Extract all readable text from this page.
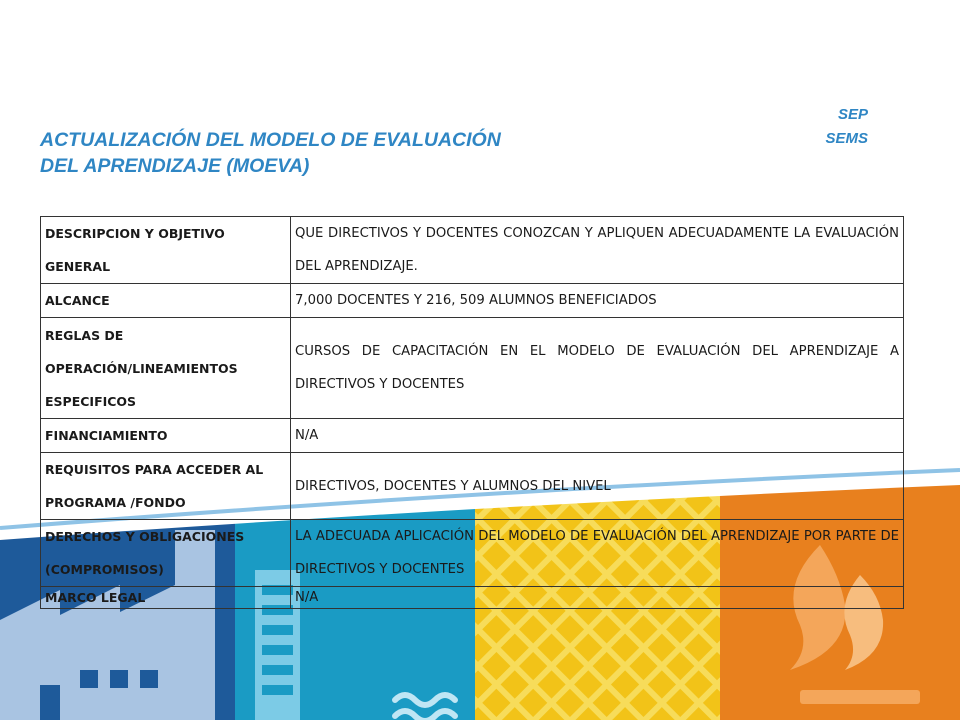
ACTUALIZACIÓN DEL MODELO DE EVALUACIÓN
DEL APRENDIZAJE (MOEVA)
SEP
SEMS
DESCRIPCION Y OBJETIVO GENERAL	QUE DIRECTIVOS Y DOCENTES CONOZCAN Y APLIQUEN ADECUADAMENTE LA EVALUACIÓN DEL APRENDIZAJE.
ALCANCE	7,000 DOCENTES Y 216, 509 ALUMNOS BENEFICIADOS
REGLAS DE OPERACIÓN/LINEAMIENTOS ESPECIFICOS	CURSOS DE CAPACITACIÓN EN EL MODELO DE EVALUACIÓN DEL APRENDIZAJE A DIRECTIVOS Y DOCENTES
FINANCIAMIENTO	N/A
REQUISITOS PARA ACCEDER AL PROGRAMA /FONDO	DIRECTIVOS, DOCENTES Y ALUMNOS DEL NIVEL
DERECHOS Y OBLIGACIONES (COMPROMISOS)	LA ADECUADA APLICACIÓN DEL MODELO DE EVALUACIÓN DEL APRENDIZAJE POR PARTE DE DIRECTIVOS Y DOCENTES
MARCO LEGAL	N/A
